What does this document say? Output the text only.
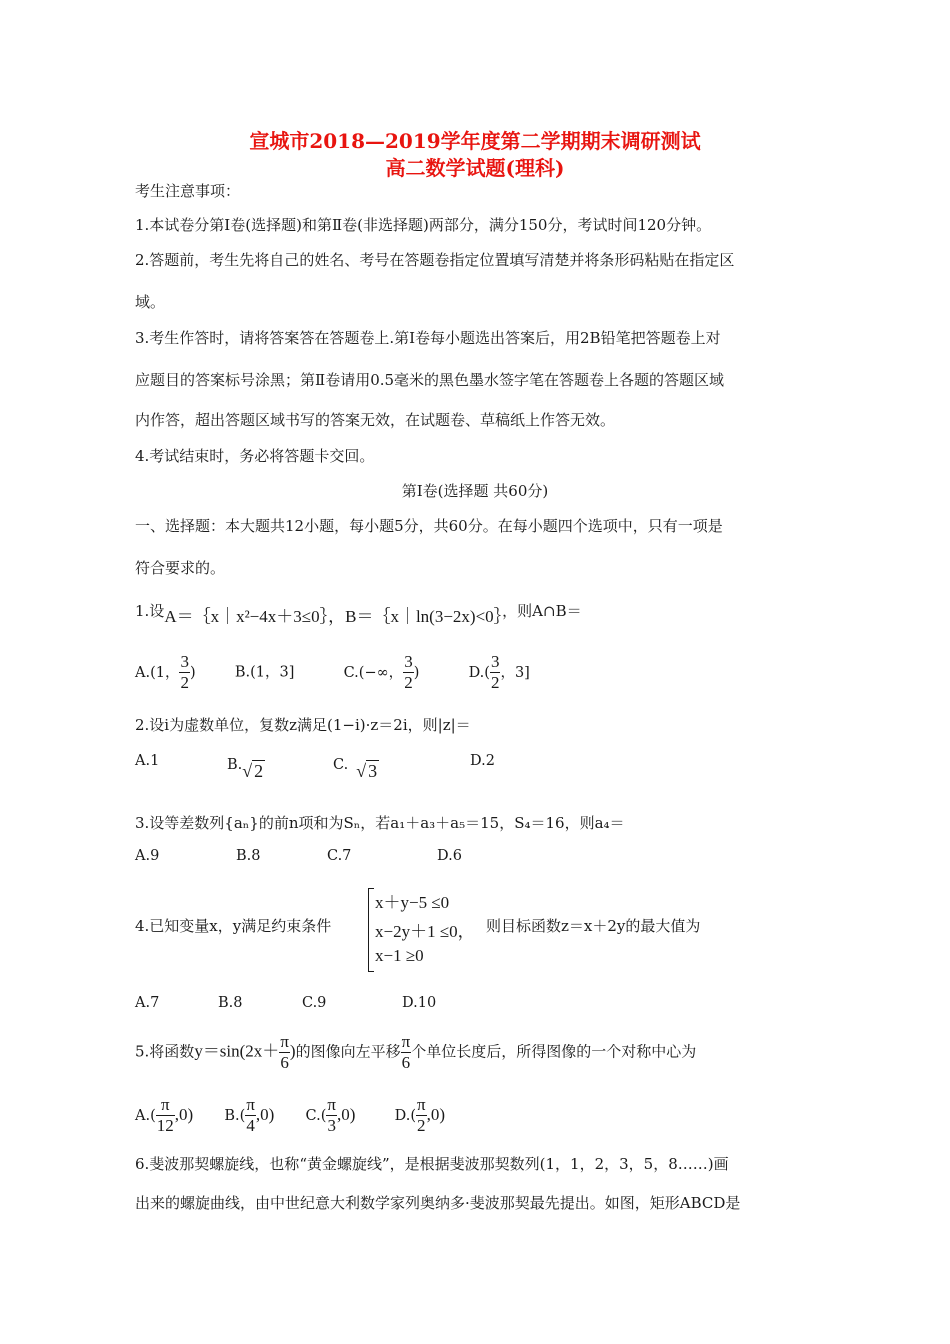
宣城市2018—2019学年度第二学期期末调研测试
高二数学试题(理科)
考生注意事项：
1.本试卷分第Ⅰ卷(选择题)和第Ⅱ卷(非选择题)两部分，满分150分，考试时间120分钟。
2.答题前，考生先将自己的姓名、考号在答题卷指定位置填写清楚并将条形码粘贴在指定区
域。
3.考生作答时，请将答案答在答题卷上.第Ⅰ卷每小题选出答案后，用2B铅笔把答题卷上对
应题目的答案标号涂黑；第Ⅱ卷请用0.5毫米的黑色墨水签字笔在答题卷上各题的答题区域
内作答，超出答题区域书写的答案无效，在试题卷、草稿纸上作答无效。
4.考试结束时，务必将答题卡交回。
第Ⅰ卷(选择题 共60分)
一、选择题：本大题共12小题，每小题5分，共60分。在每小题四个选项中，只有一项是
符合要求的。
1.设A＝｛x｜x²−4x＋3≤0｝，B＝｛x｜ln(3−2x)<0｝，则A∩B＝
A.(1， $\frac{3}{2}$ )	B.(1，3]	C.(−∞， $\frac{3}{2}$ )	$D.( \frac{3}{2}$ ，3]
2.设i为虚数单位，复数z满足(1−i)·z＝2i，则|z|＝
A.1	B.√ 2	C. √ 3	D.2
3.设等差数列{aₙ}的前n项和为Sₙ，若a₁＋a₃＋a₅＝15，S₄＝16，则a₄＝
A.9	B.8	C.7	D.6
4.已知变量x，y满足约束条件
x＋y−5 ≤0
x−2y＋1 ≤0，
x−1 ≥0
则目标函数z＝x＋2y的最大值为
A.7	B.8	C.9	D.10
5.将函数$y=\sin(2x+ \frac{\pi}{6}$ )的图像向左平移 $\frac{\pi}{6}$ 个单位长度后，所得图像的一个对称中心为
$A.( \frac{\pi}{12} ,0)$ $B.( \frac{\pi}{4} ,0)$ $C.( \frac{\pi}{3} ,0)$	$D.( \frac{\pi}{2} ,0)$
6.斐波那契螺旋线，也称“黄金螺旋线”，是根据斐波那契数列(1，1，2，3，5，8……)画
出来的螺旋曲线，由中世纪意大利数学家列奥纳多·斐波那契最先提出。如图，矩形ABCD是
